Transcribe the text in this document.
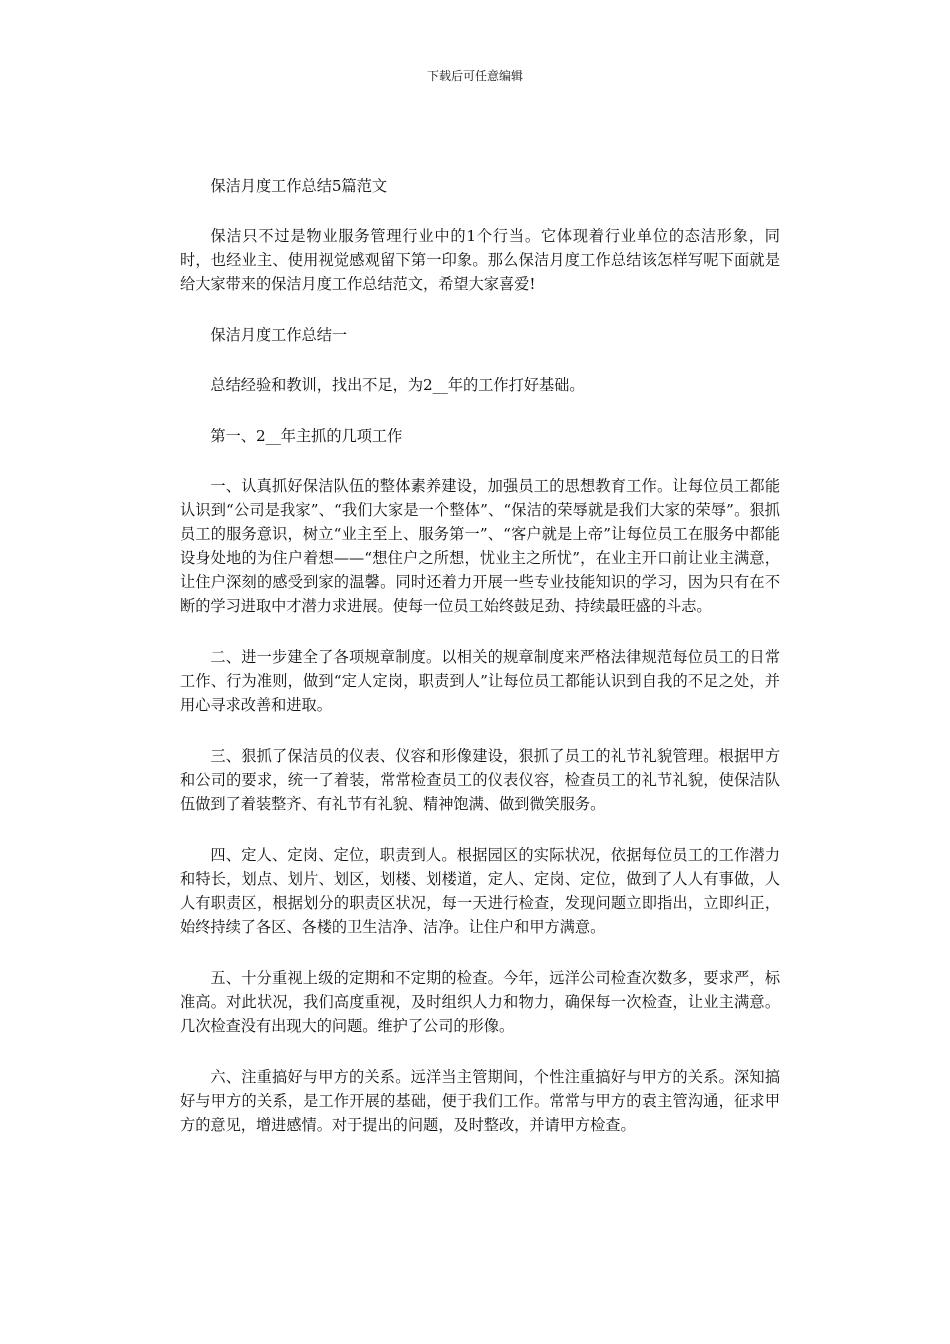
下载后可任意编辑

保洁月度工作总结5篇范文

保洁只不过是物业服务管理行业中的1个行当。它体现着行业单位的态洁形象，同时，也经业主、使用视觉感观留下第一印象。那么保洁月度工作总结该怎样写呢下面就是给大家带来的保洁月度工作总结范文，希望大家喜爱!

保洁月度工作总结一

总结经验和教训，找出不足，为2__年的工作打好基础。

第一、2__年主抓的几项工作

一、认真抓好保洁队伍的整体素养建设，加强员工的思想教育工作。让每位员工都能认识到“公司是我家”、“我们大家是一个整体”、“保洁的荣辱就是我们大家的荣辱”。狠抓员工的服务意识，树立“业主至上、服务第一”、“客户就是上帝”让每位员工在服务中都能设身处地的为住户着想——“想住户之所想，忧业主之所忧”，在业主开口前让业主满意，让住户深刻的感受到家的温馨。同时还着力开展一些专业技能知识的学习，因为只有在不断的学习进取中才潜力求进展。使每一位员工始终鼓足劲、持续最旺盛的斗志。

二、进一步建全了各项规章制度。以相关的规章制度来严格法律规范每位员工的日常工作、行为准则，做到“定人定岗，职责到人”让每位员工都能认识到自我的不足之处，并用心寻求改善和进取。

三、狠抓了保洁员的仪表、仪容和形像建设，狠抓了员工的礼节礼貌管理。根据甲方和公司的要求，统一了着装，常常检查员工的仪表仪容，检查员工的礼节礼貌，使保洁队伍做到了着装整齐、有礼节有礼貌、精神饱满、做到微笑服务。

四、定人、定岗、定位，职责到人。根据园区的实际状况，依据每位员工的工作潜力和特长，划点、划片、划区，划楼、划楼道，定人、定岗、定位，做到了人人有事做，人人有职责区，根据划分的职责区状况，每一天进行检查，发现问题立即指出，立即纠正，始终持续了各区、各楼的卫生洁净、洁净。让住户和甲方满意。

五、十分重视上级的定期和不定期的检查。今年，远洋公司检查次数多，要求严，标准高。对此状况，我们高度重视，及时组织人力和物力，确保每一次检查，让业主满意。几次检查没有出现大的问题。维护了公司的形像。

六、注重搞好与甲方的关系。远洋当主管期间，个性注重搞好与甲方的关系。深知搞好与甲方的关系，是工作开展的基础，便于我们工作。常常与甲方的袁主管沟通，征求甲方的意见，增进感情。对于提出的问题，及时整改，并请甲方检查。
